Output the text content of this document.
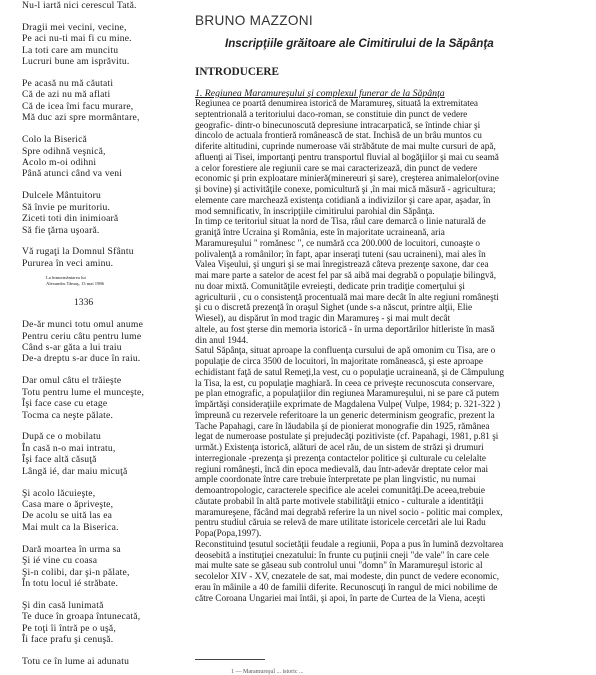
Nu-l iartă nici cerescul Tată.
Dragii mei vecini, vecine,
Pe aci nu-ti mai fi cu mine.
La toti care am muncitu
Lucruri bune am isprăvitu.
Pe acasă nu mă căutati
Că de azi nu mă aflati
Că de icea îmi facu murare,
Mă duc azi spre mormântare,
Colo la Biserică
Spre odihnă veşnică,
Acolo m-oi odihni
Până atunci când va veni
Dulcele Mântuitoru
Să învie pe muritoriu.
Ziceti toti din inimioară
Să fie ţărna uşoară.
Vă rugaţi la Domnul Sfântu
Pururea în veci aminu.
La înmormântarea lui
Alexandru Tâmaş, 13 mai 1986
1336
De-ăr munci totu omul anume
Pentru ceriu câtu pentru lume
Când s-ar găta a lui traiu
De-a dreptu s-ar duce în raiu.
Dar omul câtu el trăieşte
Totu pentru lume el munceşte,
Îşi face case cu etage
Tocma ca neşte pălate.
După ce o mobilatu
În casă n-o mai intratu,
Îşi face altă căsuţă
Lângă ié, dar maiu micuţă
Şi acolo lăcuieşte,
Casa mare o ăpriveşte,
De acolu se uită las ea
Mai mult ca la Biserica.
Dară moartea în urma sa
Şi ié vine cu coasa
Şi-n colibi, dar şi-n pălate,
În totu locul ié străbate.
Şi din casă lunimată
Te duce în groapa întunecată,
Pe toţi îi întră pe o uşă,
Îi face prafu şi cenuşă.
Totu ce în lume ai adunatu
BRUNO MAZZONI
Inscripţiile grăitoare ale Cimitirului de la Săpânţa
INTRODUCERE
1. Regiunea Maramureşului şi complexul funerar de la Săpânţa
Regiunea ce poartă denumirea istorică de Maramureş, situată la extremitatea
septentrională a teritoriului daco-roman, se constituie din punct de vedere
geografic- dintr-o binecunoscută depresiune intracarpatică, se întinde chiar şi
dincolo de actuala frontieră românească de stat. Închisă de un brâu muntos cu
diferite altitudini, cuprinde numeroase văi străbătute de mai multe cursuri de apă,
afluenţi ai Tisei, importanţi pentru transportul fluvial al bogăţiilor şi mai cu seamă
a celor forestiere ale regiunii care se mai caracterizează, din punct de vedere
economic şi prin exploatare minieră(minereuri şi sare), creşterea animalelor(ovine
şi bovine) şi activităţile conexe, pomicultură şi ,în mai mică măsură - agricultura;
elemente care marchează existenţa cotidiană a indivizilor şi care apar, aşadar, în
mod semnificativ, în inscripţiile cimitirului parohial din Săpânţa.
În timp ce teritoriul situat la nord de Tisa, râul care demarcă o linie naturală de
graniţă între Ucraina şi România, este în majoritate ucraineană, aria
Maramureşului " romănesc ", ce numără cca 200.000 de locuitori, cunoaşte o
polivalenţă a românilor; în fapt, apar inseraţi tuteni (sau ucraineni), mai ales în
Valea Vişeului, şi unguri şi se mai înregistrează câteva prezenţe saxone, dar cea
mai mare parte a satelor de acest fel par să aibă mai degrabă o populaţie bilingvă,
nu doar mixtă. Comunităţile evreieşti, dedicate prin tradiţie comerţului şi
agriculturii , cu o consistenţă procentuală mai mare decât în alte regiuni româneşti
şi cu o discretă prezenţă în oraşul Sighet (unde s-a născut, printre alţii, Elie
Wiesel), au dispărut în mod tragic din Maramureş - şi mai mult decât
altele, au fost şterse din memoria istorică - în urma deportărilor hitleriste în masă
din anul 1944.
Satul Săpânţa, situat aproape la confluenţa cursului de apă omonim cu Tisa, are o
populaţie de circa 3500 de locuitori, în majoritate românească, şi este aproape
echidistant faţă de satul Remeţi,la vest, cu o populaţie ucraineană, şi de Câmpulung
la Tisa, la est, cu populaţie maghiară. În ceea ce priveşte recunoscuta conservare,
pe plan etnografic, a populaţiilor din regiunea Maramureşului, ni se pare că putem
împărtăşi consideraţiile exprimate de Magdalena Vulpe( Vulpe, 1984; p. 321-322 )
împreună cu rezervele referitoare la un generic determinism geografic, prezent la
Tache Papahagi, care în lăudabila şi de pionierat monografie din 1925, rămânea
legat de numeroase postulate şi prejudecăţi pozitiviste (cf. Papahagi, 1981, p.81 şi
următ.) Existenţa istorică, alături de acel rău, de un sistem de străzi şi drumuri
interregionale -prezenţa şi prezenţa contactelor politice şi culturale cu celelalte
regiuni româneşti, încă din epoca medievală, dau într-adevăr dreptate celor mai
ample coordonate între care trebuie înterpretate pe plan lingvistic, nu numai
demoantropologic, caracterele specifice ale acelei comunităţi.De aceea,trebuie
căutate probabil în altă parte motivele stabilităţii etnico - culturale a identităţii
maramureşene, făcând mai degrabă referire la un nivel socio - politic mai complex,
pentru studiul căruia se relevă de mare utilitate istoricele cercetări ale lui Radu
Popa(Popa,1997).
Reconstituind ţesutul societăţii feudale a regiunii, Popa a pus în lumină dezvoltarea
deosebită a instituţiei cnezatului: în frunte cu puţinii cneji "de vale" în care cele
mai multe sate se găseau sub controlul unui "domn" în Maramureşul istoric al
secolelor XIV - XV, cnezatele de sat, mai modeste, din punct de vedere economic,
erau în mâinile a 40 de familii diferite. Recunoscuţi în rangul de mici nobilime de
către Coroana Ungariei mai întâi, şi apoi, în parte de Curtea de la Viena, aceşti
1 — Maramureşul ... istoric ...
